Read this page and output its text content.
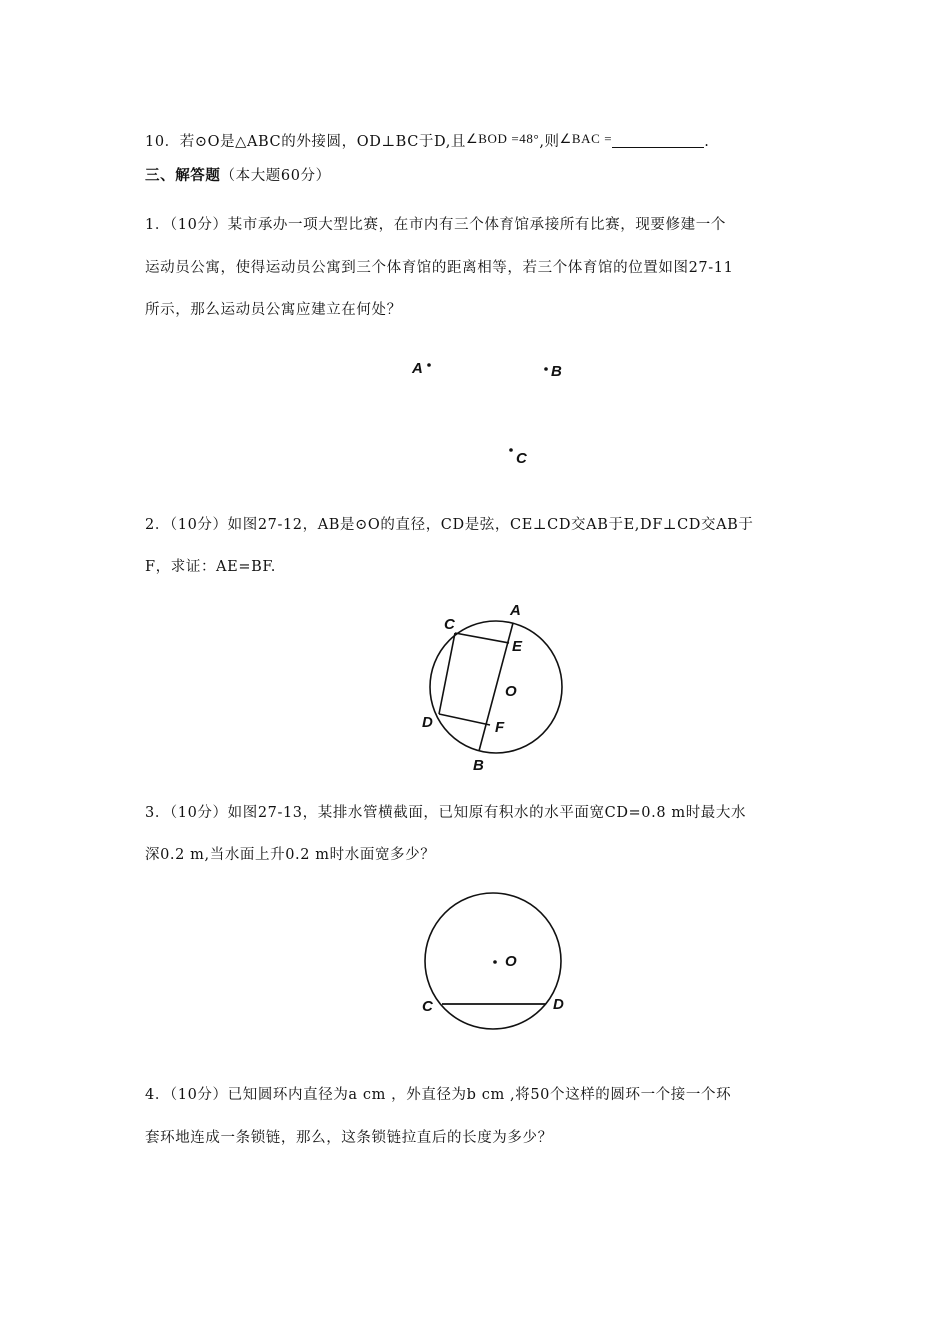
10．若⊙O是△ABC的外接圆，OD⊥BC于D,且∠BOD =48°,则∠BAC =	.
三、解答题（本大题60分）
1．（10分）某市承办一项大型比赛，在市内有三个体育馆承接所有比赛，现要修建一个
运动员公寓，使得运动员公寓到三个体育馆的距离相等，若三个体育馆的位置如图27-11
所示，那么运动员公寓应建立在何处？
A	B
C
2．（10分）如图27-12，AB是⊙O的直径，CD是弦，CE⊥CD交AB于E,DF⊥CD交AB于
F，求证：AE=BF.
A
C
E
O
D	F
B
3．（10分）如图27-13，某排水管横截面，已知原有积水的水平面宽CD=0.8 m时最大水
深0.2 m,当水面上升0.2 m时水面宽多少？
O
C	D
4．（10分）已知圆环内直径为a cm ，外直径为b cm ,将50个这样的圆环一个接一个环
套环地连成一条锁链，那么，这条锁链拉直后的长度为多少？
